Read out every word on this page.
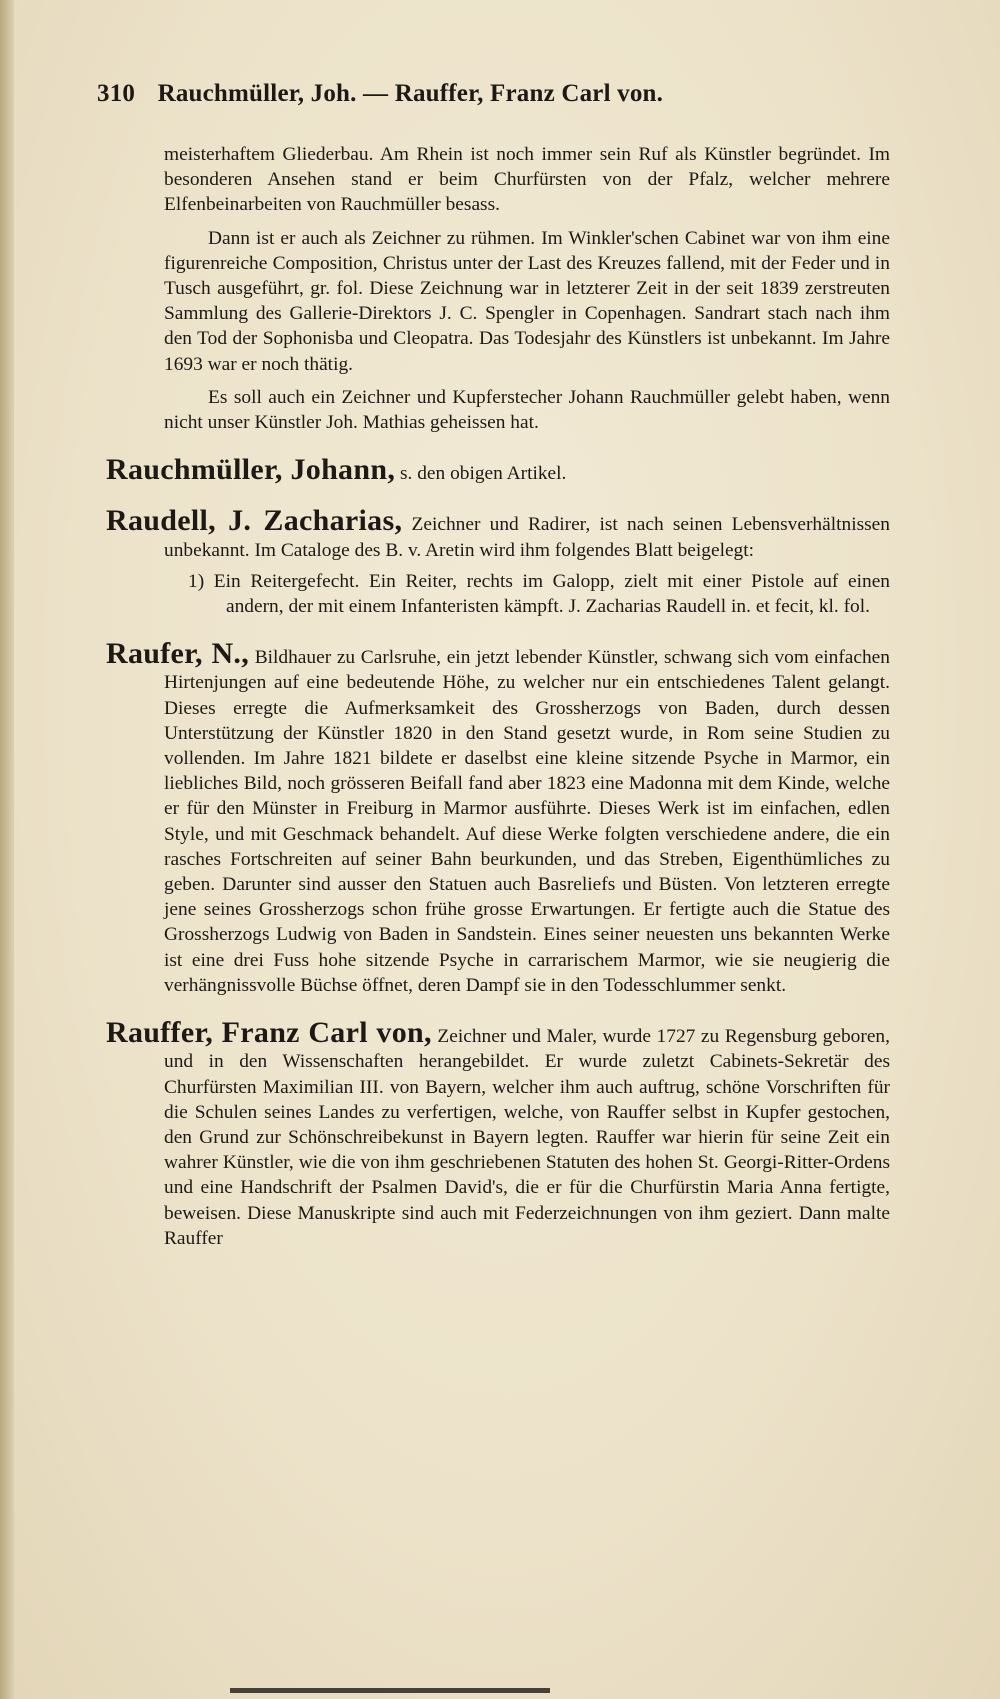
310 Rauchmüller, Joh. — Rauffer, Franz Carl von.

meisterhaftem Gliederbau. Am Rhein ist noch immer sein Ruf als Künstler begründet. Im besonderen Ansehen stand er beim Churfürsten von der Pfalz, welcher mehrere Elfenbeinarbeiten von Rauchmüller besass.

Dann ist er auch als Zeichner zu rühmen. Im Winkler'schen Cabinet war von ihm eine figurenreiche Composition, Christus unter der Last des Kreuzes fallend, mit der Feder und in Tusch ausgeführt, gr. fol. Diese Zeichnung war in letzterer Zeit in der seit 1839 zerstreuten Sammlung des Gallerie-Direktors J. C. Spengler in Copenhagen. Sandrart stach nach ihm den Tod der Sophonisba und Cleopatra. Das Todesjahr des Künstlers ist unbekannt. Im Jahre 1693 war er noch thätig.

Es soll auch ein Zeichner und Kupferstecher Johann Rauchmüller gelebt haben, wenn nicht unser Künstler Joh. Mathias geheissen hat.

Rauchmüller, Johann, s. den obigen Artikel.

Raudell, J. Zacharias, Zeichner und Radirer, ist nach seinen Lebensverhältnissen unbekannt. Im Cataloge des B. v. Aretin wird ihm folgendes Blatt beigelegt:

1) Ein Reitergefecht. Ein Reiter, rechts im Galopp, zielt mit einer Pistole auf einen andern, der mit einem Infanteristen kämpft. J. Zacharias Raudell in. et fecit, kl. fol.

Raufer, N., Bildhauer zu Carlsruhe, ein jetzt lebender Künstler, schwang sich vom einfachen Hirtenjungen auf eine bedeutende Höhe, zu welcher nur ein entschiedenes Talent gelangt. Dieses erregte die Aufmerksamkeit des Grossherzogs von Baden, durch dessen Unterstützung der Künstler 1820 in den Stand gesetzt wurde, in Rom seine Studien zu vollenden. Im Jahre 1821 bildete er daselbst eine kleine sitzende Psyche in Marmor, ein liebliches Bild, noch grösseren Beifall fand aber 1823 eine Madonna mit dem Kinde, welche er für den Münster in Freiburg in Marmor ausführte. Dieses Werk ist im einfachen, edlen Style, und mit Geschmack behandelt. Auf diese Werke folgten verschiedene andere, die ein rasches Fortschreiten auf seiner Bahn beurkunden, und das Streben, Eigenthümliches zu geben. Darunter sind ausser den Statuen auch Basreliefs und Büsten. Von letzteren erregte jene seines Grossherzogs schon frühe grosse Erwartungen. Er fertigte auch die Statue des Grossherzogs Ludwig von Baden in Sandstein. Eines seiner neuesten uns bekannten Werke ist eine drei Fuss hohe sitzende Psyche in carrarischem Marmor, wie sie neugierig die verhängnissvolle Büchse öffnet, deren Dampf sie in den Todesschlummer senkt.

Rauffer, Franz Carl von, Zeichner und Maler, wurde 1727 zu Regensburg geboren, und in den Wissenschaften herangebildet. Er wurde zuletzt Cabinets-Sekretär des Churfürsten Maximilian III. von Bayern, welcher ihm auch auftrug, schöne Vorschriften für die Schulen seines Landes zu verfertigen, welche, von Rauffer selbst in Kupfer gestochen, den Grund zur Schönschreibekunst in Bayern legten. Rauffer war hierin für seine Zeit ein wahrer Künstler, wie die von ihm geschriebenen Statuten des hohen St. Georgi-Ritter-Ordens und eine Handschrift der Psalmen David's, die er für die Churfürstin Maria Anna fertigte, beweisen. Diese Manuskripte sind auch mit Federzeichnungen von ihm geziert. Dann malte Rauffer
